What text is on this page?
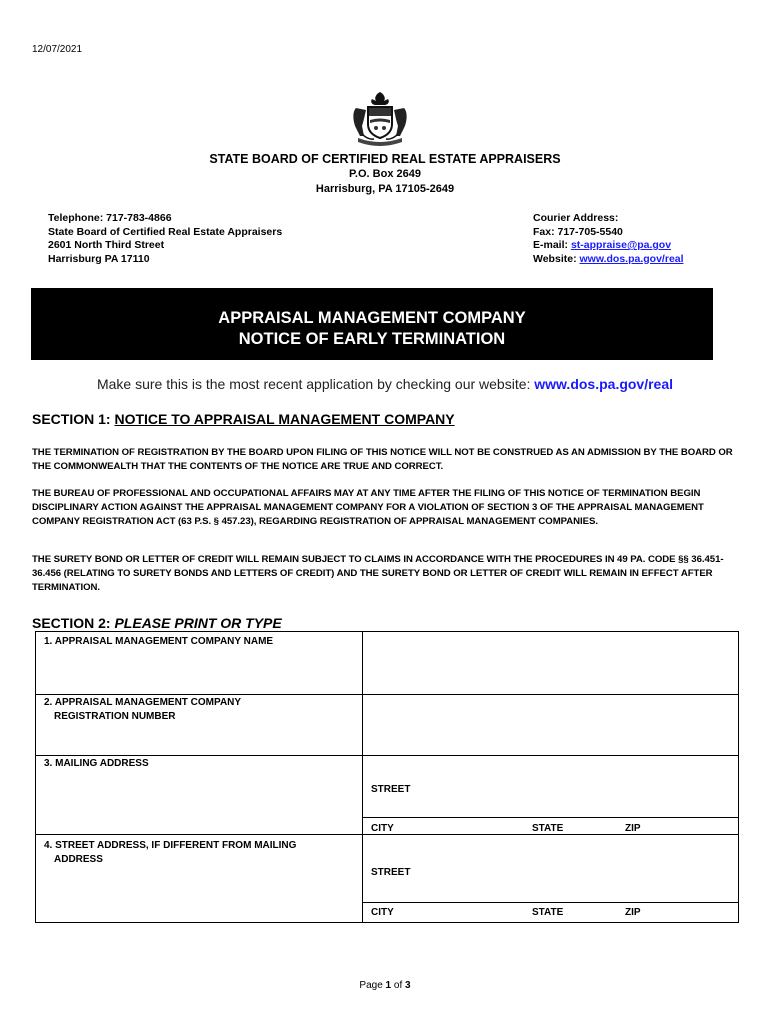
12/07/2021
STATE BOARD OF CERTIFIED REAL ESTATE APPRAISERS
P.O. Box 2649
Harrisburg, PA 17105-2649
Telephone: 717-783-4866
State Board of Certified Real Estate Appraisers
2601 North Third Street
Harrisburg PA 17110
Courier Address:
Fax: 717-705-5540
E-mail: st-appraise@pa.gov
Website: www.dos.pa.gov/real
APPRAISAL MANAGEMENT COMPANY
NOTICE OF EARLY TERMINATION
Make sure this is the most recent application by checking our website: www.dos.pa.gov/real
SECTION 1: NOTICE TO APPRAISAL MANAGEMENT COMPANY
THE TERMINATION OF REGISTRATION BY THE BOARD UPON FILING OF THIS NOTICE WILL NOT BE CONSTRUED AS AN ADMISSION BY THE BOARD OR THE COMMONWEALTH THAT THE CONTENTS OF THE NOTICE ARE TRUE AND CORRECT.
THE BUREAU OF PROFESSIONAL AND OCCUPATIONAL AFFAIRS MAY AT ANY TIME AFTER THE FILING OF THIS NOTICE OF TERMINATION BEGIN DISCIPLINARY ACTION AGAINST THE APPRAISAL MANAGEMENT COMPANY FOR A VIOLATION OF SECTION 3 OF THE APPRAISAL MANAGEMENT COMPANY REGISTRATION ACT (63 P.S. § 457.23), REGARDING REGISTRATION OF APPRAISAL MANAGEMENT COMPANIES.
THE SURETY BOND OR LETTER OF CREDIT WILL REMAIN SUBJECT TO CLAIMS IN ACCORDANCE WITH THE PROCEDURES IN 49 PA. CODE §§ 36.451-36.456 (RELATING TO SURETY BONDS AND LETTERS OF CREDIT) AND THE SURETY BOND OR LETTER OF CREDIT WILL REMAIN IN EFFECT AFTER TERMINATION.
SECTION 2: PLEASE PRINT OR TYPE
1. APPRAISAL MANAGEMENT COMPANY NAME
2. APPRAISAL MANAGEMENT COMPANY
REGISTRATION NUMBER
3. MAILING ADDRESS
STREET
CITY	STATE	ZIP
4. STREET ADDRESS, IF DIFFERENT FROM MAILING
ADDRESS
STREET
CITY	STATE	ZIP
Page 1 of 3
